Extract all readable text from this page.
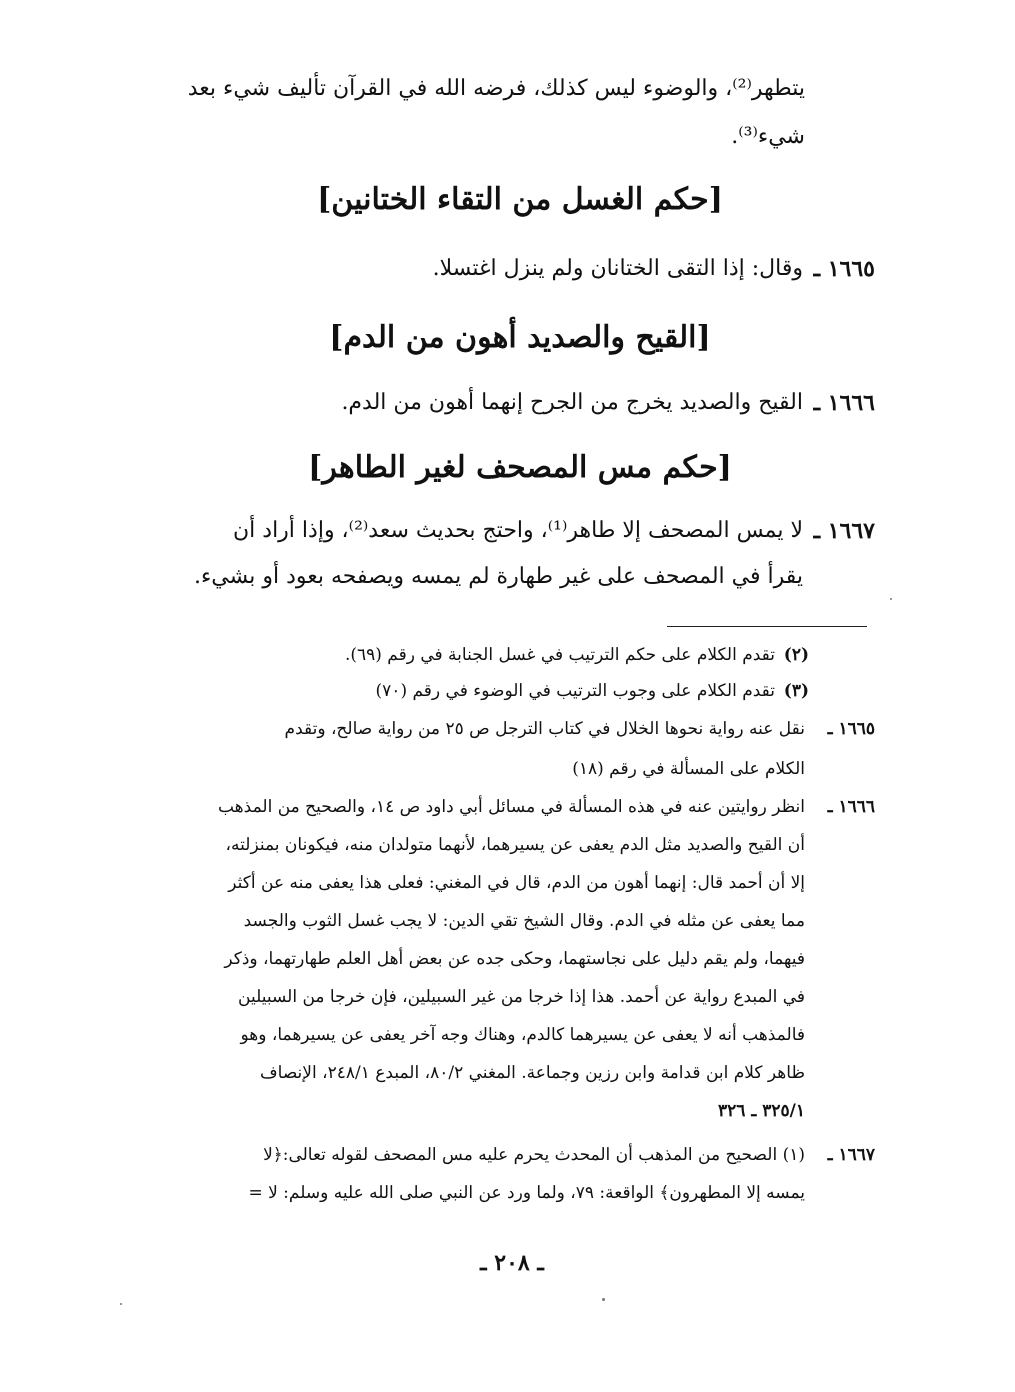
يتطهر⁽²⁾، والوضوء ليس كذلك، فرضه الله في القرآن تأليف شيء بعد
شيء⁽³⁾.
[حكم الغسل من التقاء الختانين]
١٦٦٥ ـ
وقال: إذا التقى الختانان ولم ينزل اغتسلا.
[القيح والصديد أهون من الدم]
١٦٦٦ ـ
القيح والصديد يخرج من الجرح إنهما أهون من الدم.
[حكم مس المصحف لغير الطاهر]
١٦٦٧ ـ
لا يمس المصحف إلا طاهر⁽¹⁾، واحتج بحديث سعد⁽²⁾، وإذا أراد أن
يقرأ في المصحف على غير طهارة لم يمسه ويصفحه بعود أو بشيء.
(٢)
تقدم الكلام على حكم الترتيب في غسل الجنابة في رقم (٦٩).
(٣)
تقدم الكلام على وجوب الترتيب في الوضوء في رقم (٧٠)
١٦٦٥ ـ
نقل عنه رواية نحوها الخلال في كتاب الترجل ص ٢٥ من رواية صالح، وتقدم
الكلام على المسألة في رقم (١٨)
١٦٦٦ ـ
انظر روايتين عنه في هذه المسألة في مسائل أبي داود ص ١٤، والصحيح من المذهب
أن القيح والصديد مثل الدم يعفى عن يسيرهما، لأنهما متولدان منه، فيكونان بمنزلته،
إلا أن أحمد قال: إنهما أهون من الدم، قال في المغني: فعلى هذا يعفى منه عن أكثر
مما يعفى عن مثله في الدم. وقال الشيخ تقي الدين: لا يجب غسل الثوب والجسد
فيهما، ولم يقم دليل على نجاستهما، وحكى جده عن بعض أهل العلم طهارتهما، وذكر
في المبدع رواية عن أحمد. هذا إذا خرجا من غير السبيلين، فإن خرجا من السبيلين
فالمذهب أنه لا يعفى عن يسيرهما كالدم، وهناك وجه آخر يعفى عن يسيرهما، وهو
ظاهر كلام ابن قدامة وابن رزين وجماعة. المغني ٨٠/٢، المبدع ٢٤٨/١، الإنصاف
٣٢٥/١ ـ ٣٢٦
١٦٦٧ ـ
(١) الصحيح من المذهب أن المحدث يحرم عليه مس المصحف لقوله تعالى:﴿لا
يمسه إلا المطهرون﴾ الواقعة: ٧٩، ولما ورد عن النبي صلى الله عليه وسلم: لا =
ـ ٢٠٨ ـ
